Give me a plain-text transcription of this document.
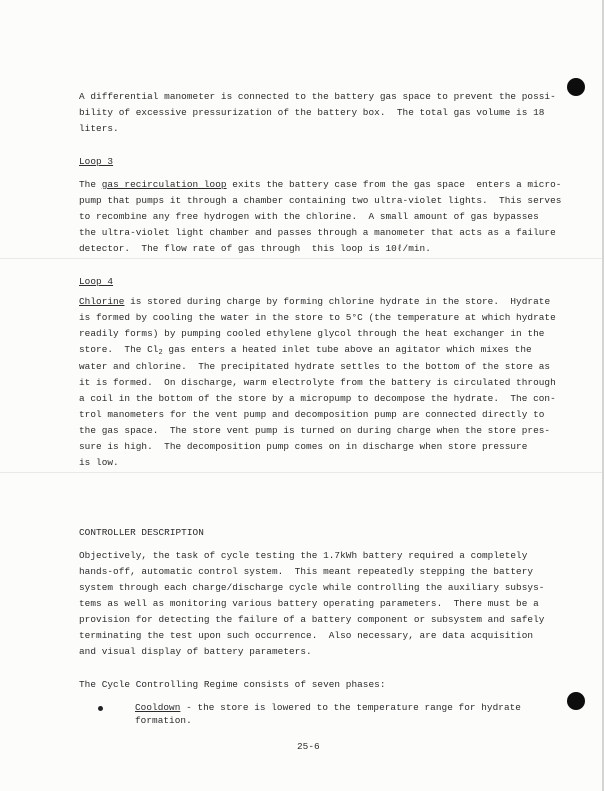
A differential manometer is connected to the battery gas space to prevent the possi-
bility of excessive pressurization of the battery box.  The total gas volume is 18
liters.
Loop 3
The gas recirculation loop exits the battery case from the gas space  enters a micro-
pump that pumps it through a chamber containing two ultra-violet lights.  This serves
to recombine any free hydrogen with the chlorine.  A small amount of gas bypasses
the ultra-violet light chamber and passes through a manometer that acts as a failure
detector.  The flow rate of gas through  this loop is 10ℓ/min.
Loop 4
Chlorine is stored during charge by forming chlorine hydrate in the store.  Hydrate
is formed by cooling the water in the store to 5°C (the temperature at which hydrate
readily forms) by pumping cooled ethylene glycol through the heat exchanger in the
store.  The $Cl_2$ gas enters a heated inlet tube above an agitator which mixes the
water and chlorine.  The precipitated hydrate settles to the bottom of the store as
it is formed.  On discharge, warm electrolyte from the battery is circulated through
a coil in the bottom of the store by a micropump to decompose the hydrate.  The con-
trol manometers for the vent pump and decomposition pump are connected directly to
the gas space.  The store vent pump is turned on during charge when the store pres-
sure is high.  The decomposition pump comes on in discharge when store pressure
is low.
CONTROLLER DESCRIPTION
Objectively, the task of cycle testing the 1.7kWh battery required a completely
hands-off, automatic control system.  This meant repeatedly stepping the battery
system through each charge/discharge cycle while controlling the auxiliary subsys-
tems as well as monitoring various battery operating parameters.  There must be a
provision for detecting the failure of a battery component or subsystem and safely
terminating the test upon such occurrence.  Also necessary, are data acquisition
and visual display of battery parameters.
The Cycle Controlling Regime consists of seven phases:
Cooldown - the store is lowered to the temperature range for hydrate
formation.
25-6
